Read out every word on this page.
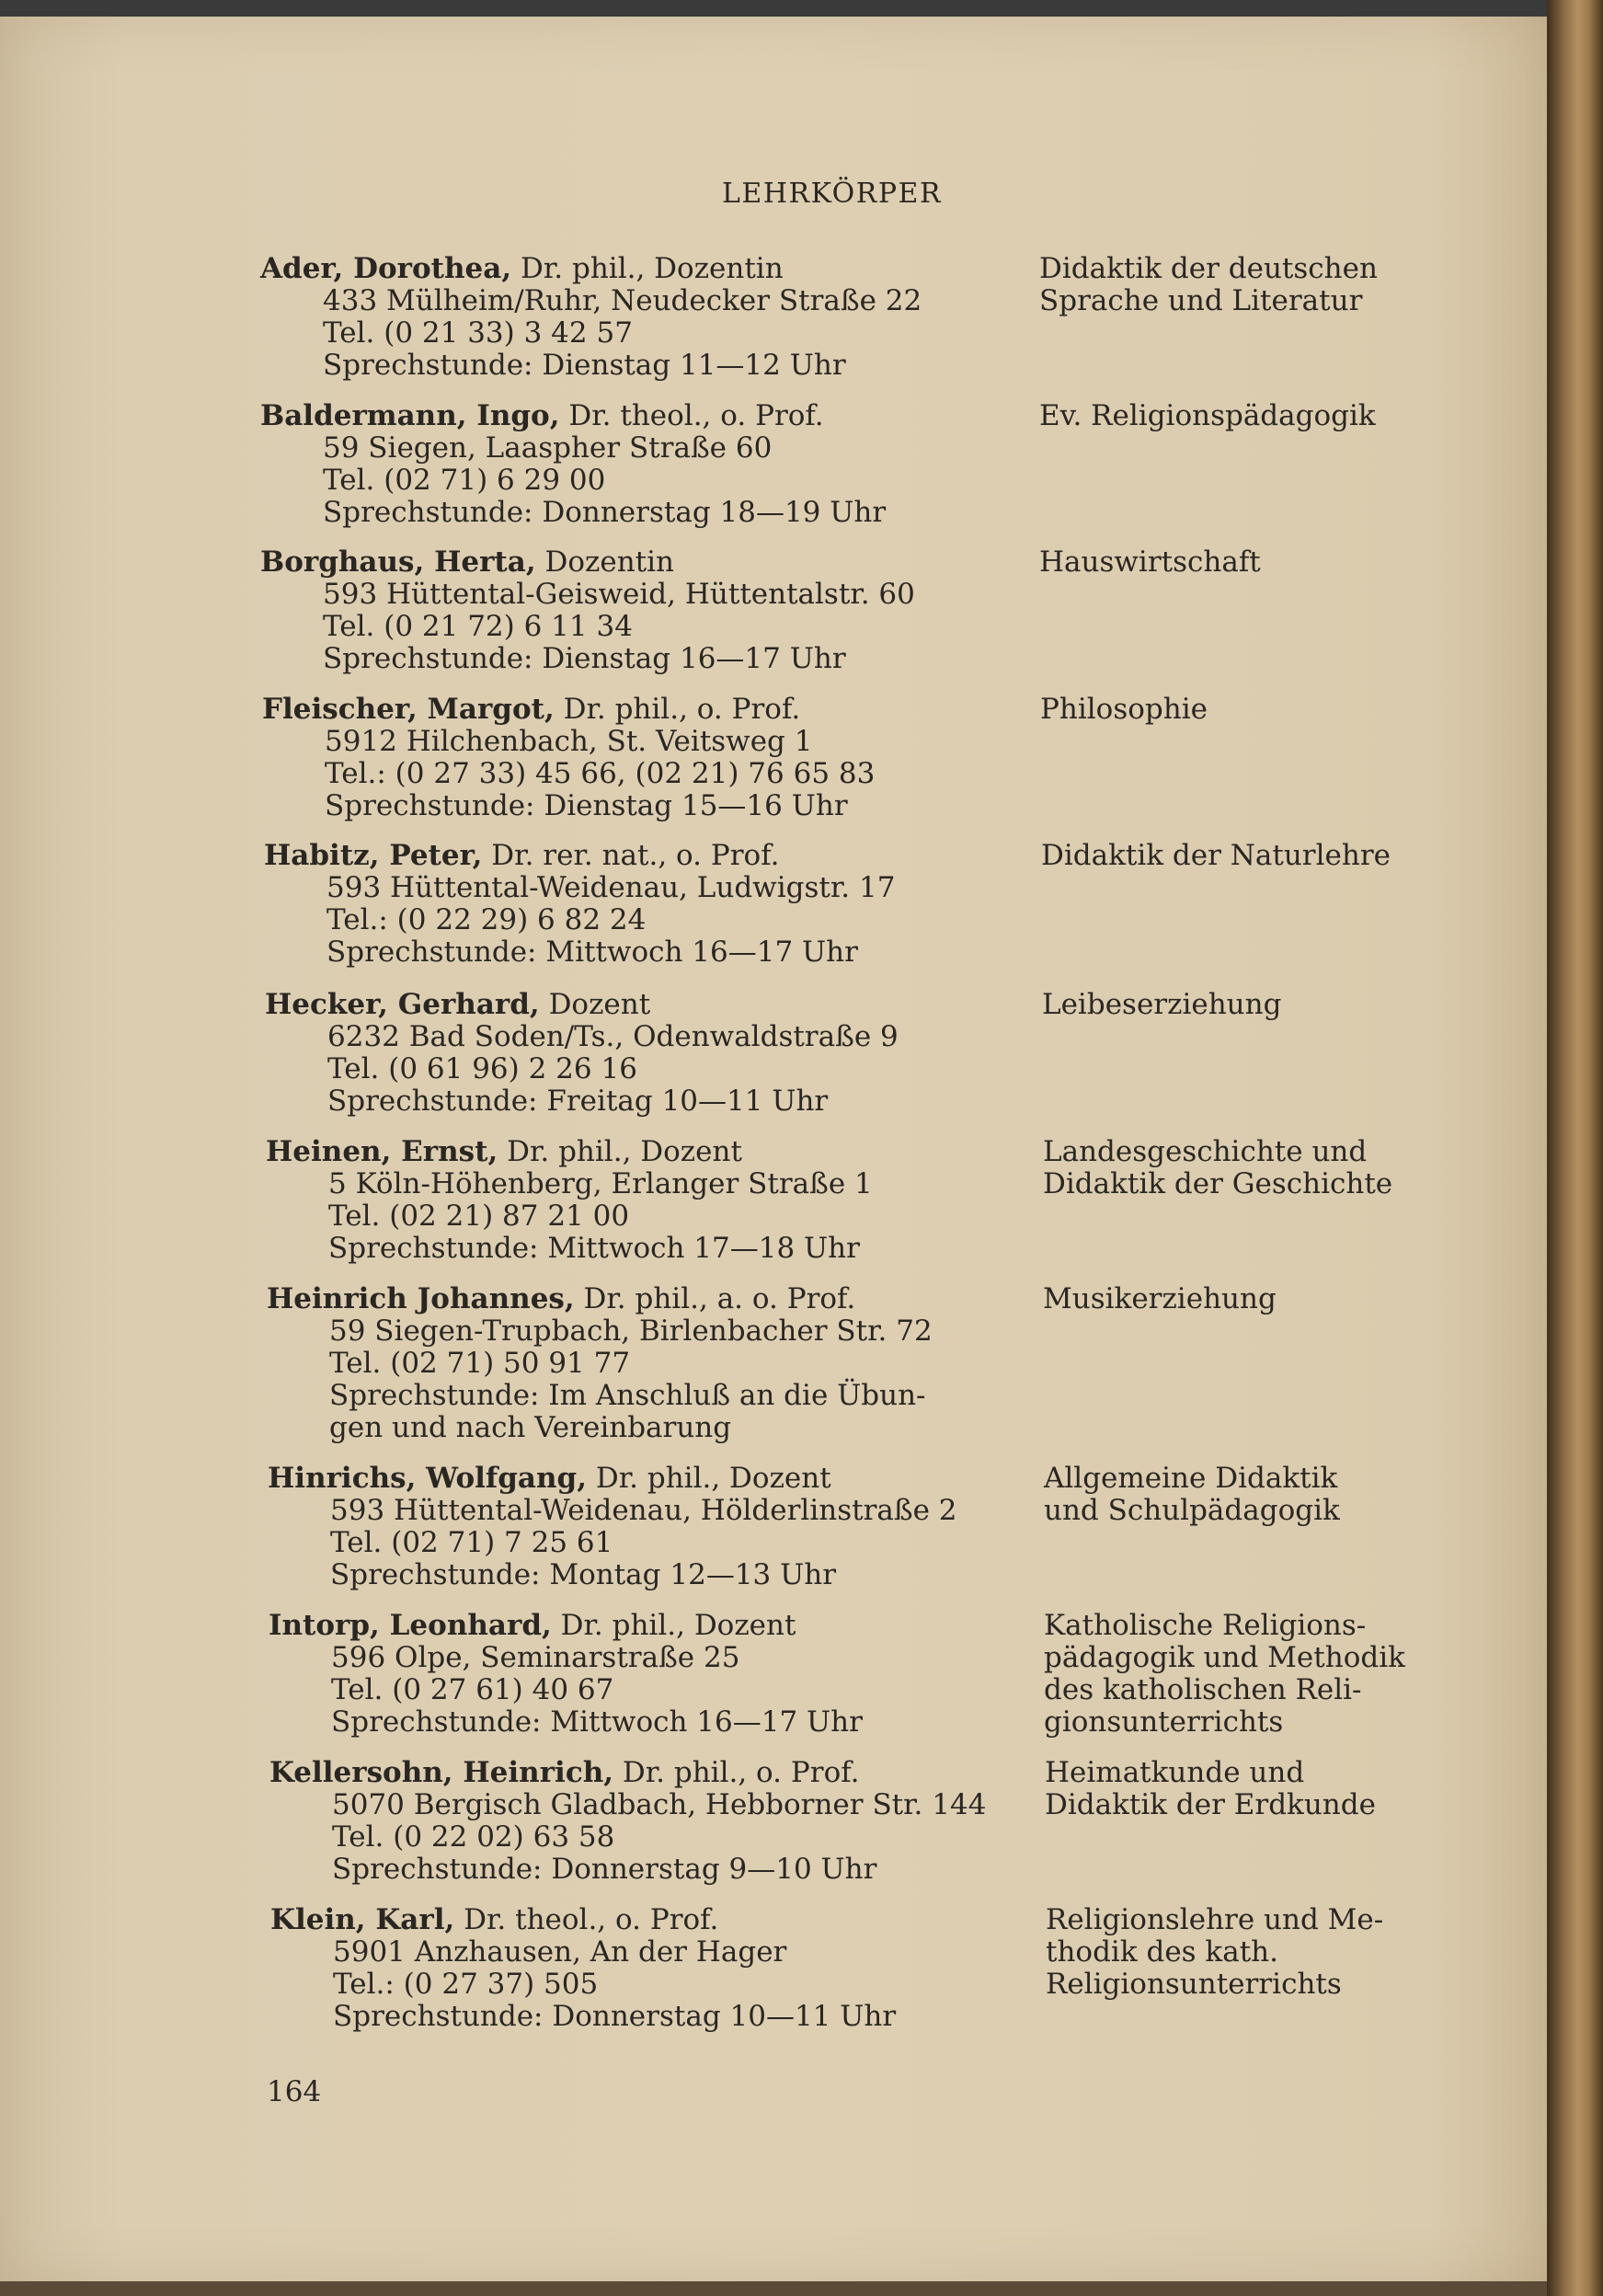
LEHRKÖRPER
Ader, Dorothea, Dr. phil., Dozentin
433 Mülheim/Ruhr, Neudecker Straße 22
Tel. (0 21 33) 3 42 57
Sprechstunde: Dienstag 11—12 Uhr
Baldermann, Ingo, Dr. theol., o. Prof.
59 Siegen, Laaspher Straße 60
Tel. (02 71) 6 29 00
Sprechstunde: Donnerstag 18—19 Uhr
Borghaus, Herta, Dozentin
593 Hüttental-Geisweid, Hüttentalstr. 60
Tel. (0 21 72) 6 11 34
Sprechstunde: Dienstag 16—17 Uhr
Fleischer, Margot, Dr. phil., o. Prof.
5912 Hilchenbach, St. Veitsweg 1
Tel.: (0 27 33) 45 66, (02 21) 76 65 83
Sprechstunde: Dienstag 15—16 Uhr
Habitz, Peter, Dr. rer. nat., o. Prof.
593 Hüttental-Weidenau, Ludwigstr. 17
Tel.: (0 22 29) 6 82 24
Sprechstunde: Mittwoch 16—17 Uhr
Hecker, Gerhard, Dozent
6232 Bad Soden/Ts., Odenwaldstraße 9
Tel. (0 61 96) 2 26 16
Sprechstunde: Freitag 10—11 Uhr
Heinen, Ernst, Dr. phil., Dozent
5 Köln-Höhenberg, Erlanger Straße 1
Tel. (02 21) 87 21 00
Sprechstunde: Mittwoch 17—18 Uhr
Heinrich Johannes, Dr. phil., a. o. Prof.
59 Siegen-Trupbach, Birlenbacher Str. 72
Tel. (02 71) 50 91 77
Sprechstunde: Im Anschluß an die Übun-
gen und nach Vereinbarung
Hinrichs, Wolfgang, Dr. phil., Dozent
593 Hüttental-Weidenau, Hölderlinstraße 2
Tel. (02 71) 7 25 61
Sprechstunde: Montag 12—13 Uhr
Intorp, Leonhard, Dr. phil., Dozent
596 Olpe, Seminarstraße 25
Tel. (0 27 61) 40 67
Sprechstunde: Mittwoch 16—17 Uhr
Kellersohn, Heinrich, Dr. phil., o. Prof.
5070 Bergisch Gladbach, Hebborner Str. 144
Tel. (0 22 02) 63 58
Sprechstunde: Donnerstag 9—10 Uhr
Klein, Karl, Dr. theol., o. Prof.
5901 Anzhausen, An der Hager
Tel.: (0 27 37) 505
Sprechstunde: Donnerstag 10—11 Uhr
Didaktik der deutschen
Sprache und Literatur
Ev. Religionspädagogik
Hauswirtschaft
Philosophie
Didaktik der Naturlehre
Leibeserziehung
Landesgeschichte und
Didaktik der Geschichte
Musikerziehung
Allgemeine Didaktik
und Schulpädagogik
Katholische Religions-
pädagogik und Methodik
des katholischen Reli-
gionsunterrichts
Heimatkunde und
Didaktik der Erdkunde
Religionslehre und Me-
thodik des kath.
Religionsunterrichts
164
